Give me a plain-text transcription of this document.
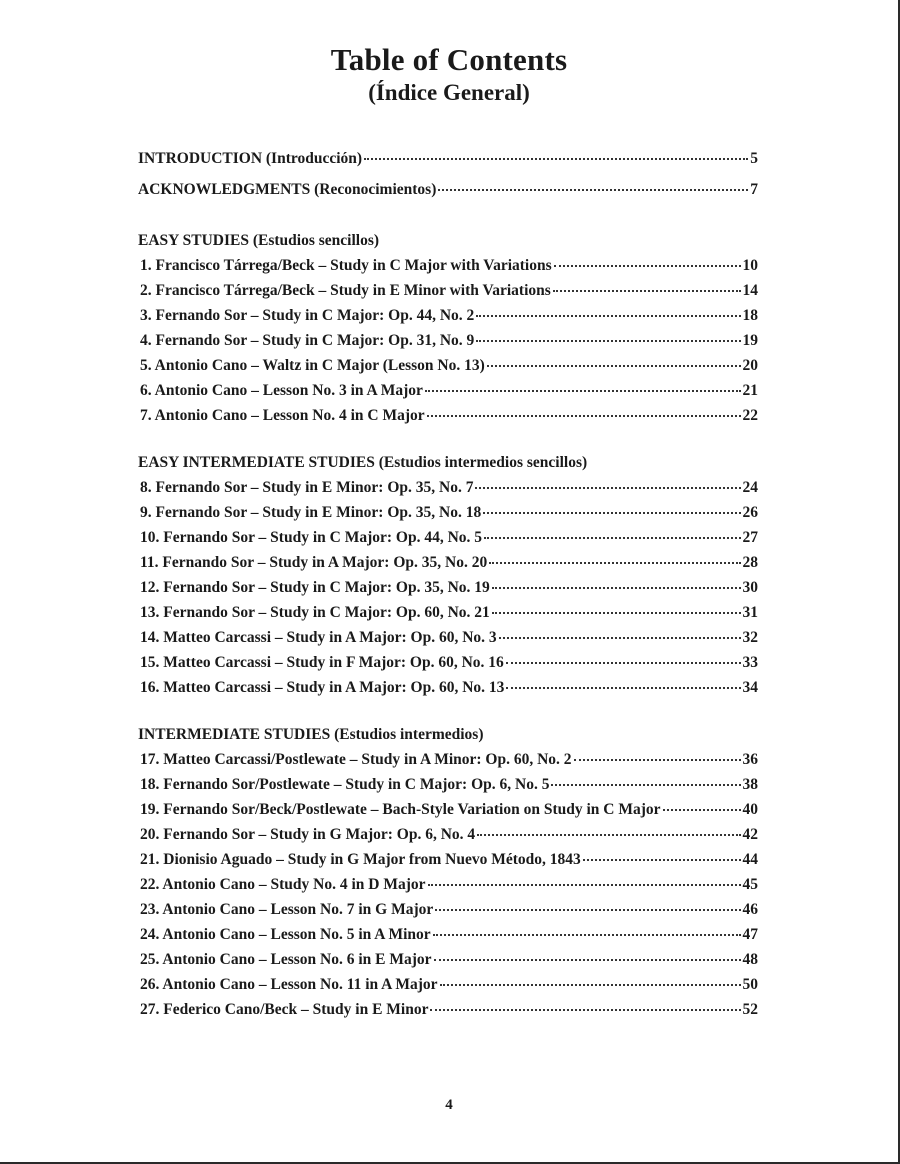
Table of Contents
(Índice General)
INTRODUCTION (Introducción)	5
ACKNOWLEDGMENTS (Reconocimientos)	7
EASY STUDIES (Estudios sencillos)
1. Francisco Tárrega/Beck – Study in C Major with Variations	10
2. Francisco Tárrega/Beck – Study in E Minor with Variations	14
3. Fernando Sor – Study in C Major: Op. 44, No. 2	18
4. Fernando Sor – Study in C Major: Op. 31, No. 9	19
5. Antonio Cano – Waltz in C Major (Lesson No. 13)	20
6. Antonio Cano – Lesson No. 3 in A Major	21
7. Antonio Cano – Lesson No. 4 in C Major	22
EASY INTERMEDIATE STUDIES (Estudios intermedios sencillos)
8. Fernando Sor – Study in E Minor: Op. 35, No. 7	24
9. Fernando Sor – Study in E Minor: Op. 35, No. 18	26
10. Fernando Sor – Study in C Major: Op. 44, No. 5	27
11. Fernando Sor – Study in A Major: Op. 35, No. 20	28
12. Fernando Sor – Study in C Major: Op. 35, No. 19	30
13. Fernando Sor – Study in C Major: Op. 60, No. 21	31
14. Matteo Carcassi – Study in A Major: Op. 60, No. 3	32
15. Matteo Carcassi – Study in F Major: Op. 60, No. 16	33
16. Matteo Carcassi – Study in A Major: Op. 60, No. 13	34
INTERMEDIATE STUDIES (Estudios intermedios)
17. Matteo Carcassi/Postlewate – Study in A Minor: Op. 60, No. 2	36
18. Fernando Sor/Postlewate – Study in C Major: Op. 6, No. 5	38
19. Fernando Sor/Beck/Postlewate – Bach-Style Variation on Study in C Major	40
20. Fernando Sor – Study in G Major: Op. 6, No. 4	42
21. Dionisio Aguado – Study in G Major from Nuevo Método, 1843	44
22. Antonio Cano – Study No. 4 in D Major	45
23. Antonio Cano – Lesson No. 7 in G Major	46
24. Antonio Cano – Lesson No. 5 in A Minor	47
25. Antonio Cano – Lesson No. 6 in E Major	48
26. Antonio Cano – Lesson No. 11 in A Major	50
27. Federico Cano/Beck – Study in E Minor	52
4
